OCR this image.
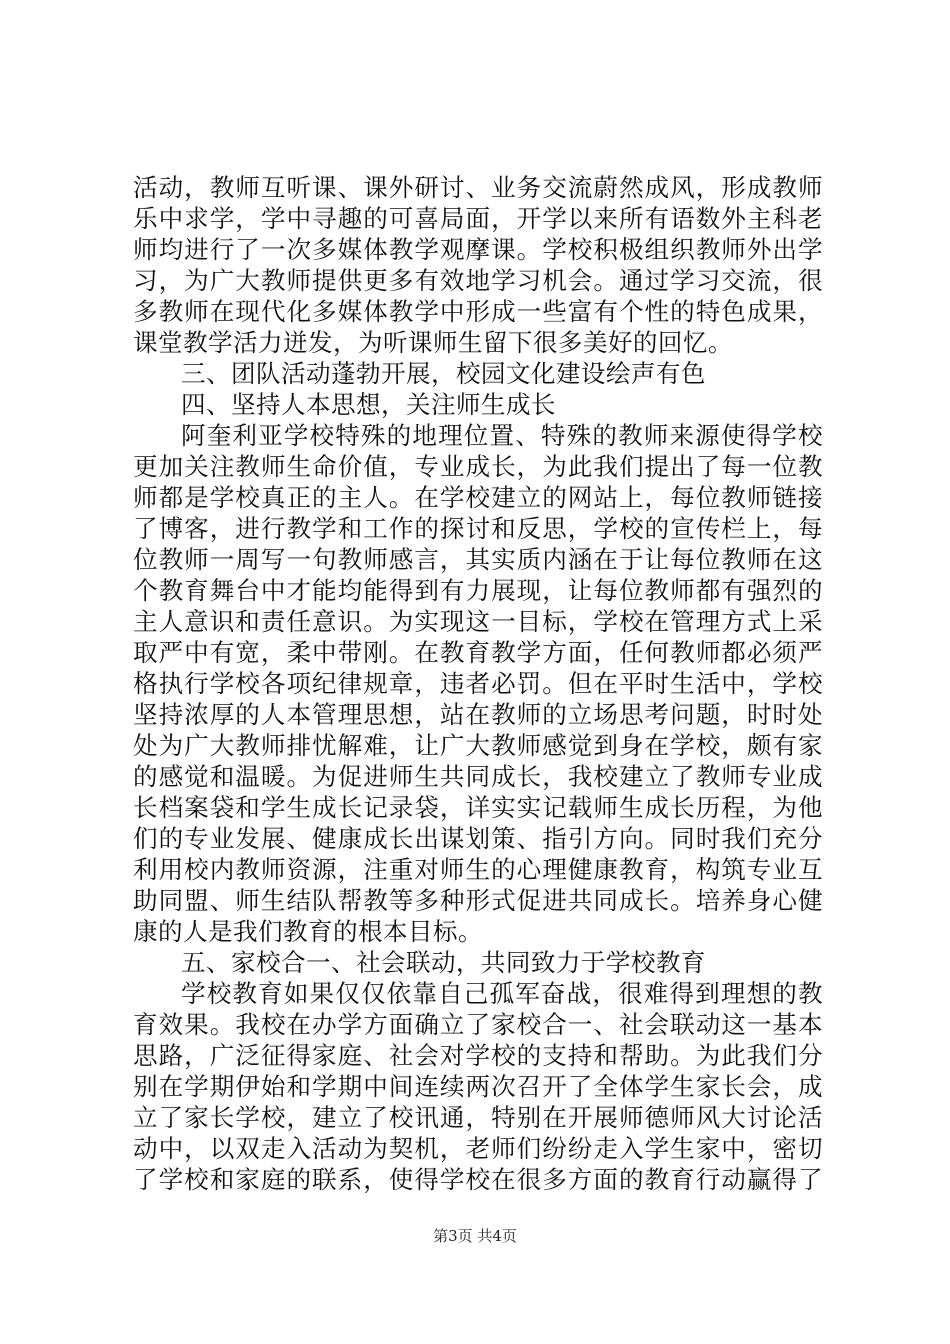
活动，教师互听课、课外研讨、业务交流蔚然成风，形成教师
乐中求学，学中寻趣的可喜局面，开学以来所有语数外主科老
师均进行了一次多媒体教学观摩课。学校积极组织教师外出学
习，为广大教师提供更多有效地学习机会。通过学习交流，很
多教师在现代化多媒体教学中形成一些富有个性的特色成果，
课堂教学活力迸发，为听课师生留下很多美好的回忆。
三、团队活动蓬勃开展，校园文化建设绘声有色
四、坚持人本思想，关注师生成长
阿奎利亚学校特殊的地理位置、特殊的教师来源使得学校
更加关注教师生命价值，专业成长，为此我们提出了每一位教
师都是学校真正的主人。在学校建立的网站上，每位教师链接
了博客，进行教学和工作的探讨和反思，学校的宣传栏上，每
位教师一周写一句教师感言，其实质内涵在于让每位教师在这
个教育舞台中才能均能得到有力展现，让每位教师都有强烈的
主人意识和责任意识。为实现这一目标，学校在管理方式上采
取严中有宽，柔中带刚。在教育教学方面，任何教师都必须严
格执行学校各项纪律规章，违者必罚。但在平时生活中，学校
坚持浓厚的人本管理思想，站在教师的立场思考问题，时时处
处为广大教师排忧解难，让广大教师感觉到身在学校，颇有家
的感觉和温暖。为促进师生共同成长，我校建立了教师专业成
长档案袋和学生成长记录袋，详实实记载师生成长历程，为他
们的专业发展、健康成长出谋划策、指引方向。同时我们充分
利用校内教师资源，注重对师生的心理健康教育，构筑专业互
助同盟、师生结队帮教等多种形式促进共同成长。培养身心健
康的人是我们教育的根本目标。
五、家校合一、社会联动，共同致力于学校教育
学校教育如果仅仅依靠自己孤军奋战，很难得到理想的教
育效果。我校在办学方面确立了家校合一、社会联动这一基本
思路，广泛征得家庭、社会对学校的支持和帮助。为此我们分
别在学期伊始和学期中间连续两次召开了全体学生家长会，成
立了家长学校，建立了校讯通，特别在开展师德师风大讨论活
动中，以双走入活动为契机，老师们纷纷走入学生家中，密切
了学校和家庭的联系，使得学校在很多方面的教育行动赢得了
第3页 共4页
